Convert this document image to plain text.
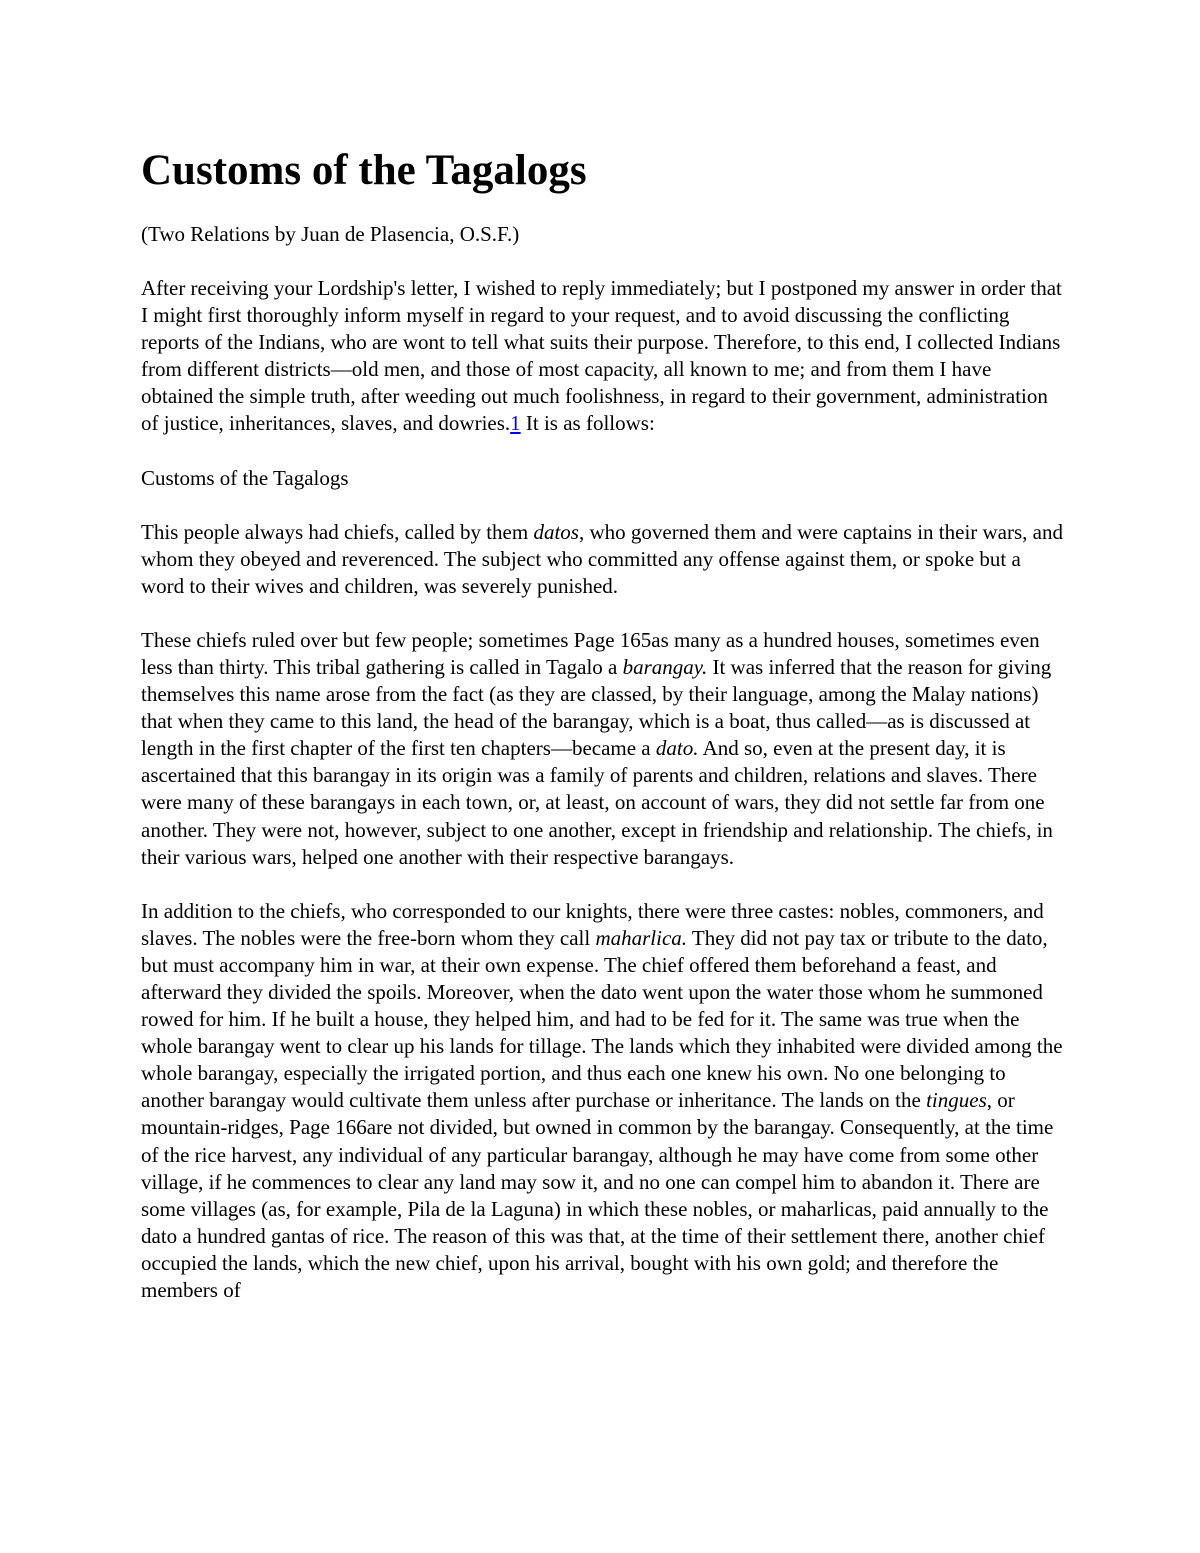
Customs of the Tagalogs

(Two Relations by Juan de Plasencia, O.S.F.)

After receiving your Lordship's letter, I wished to reply immediately; but I postponed my answer in order that I might first thoroughly inform myself in regard to your request, and to avoid discussing the conflicting reports of the Indians, who are wont to tell what suits their purpose. Therefore, to this end, I collected Indians from different districts—old men, and those of most capacity, all known to me; and from them I have obtained the simple truth, after weeding out much foolishness, in regard to their government, administration of justice, inheritances, slaves, and dowries.1 It is as follows:

Customs of the Tagalogs

This people always had chiefs, called by them datos, who governed them and were captains in their wars, and whom they obeyed and reverenced. The subject who committed any offense against them, or spoke but a word to their wives and children, was severely punished.

These chiefs ruled over but few people; sometimes Page 165as many as a hundred houses, sometimes even less than thirty. This tribal gathering is called in Tagalo a barangay. It was inferred that the reason for giving themselves this name arose from the fact (as they are classed, by their language, among the Malay nations) that when they came to this land, the head of the barangay, which is a boat, thus called—as is discussed at length in the first chapter of the first ten chapters—became a dato. And so, even at the present day, it is ascertained that this barangay in its origin was a family of parents and children, relations and slaves. There were many of these barangays in each town, or, at least, on account of wars, they did not settle far from one another. They were not, however, subject to one another, except in friendship and relationship. The chiefs, in their various wars, helped one another with their respective barangays.

In addition to the chiefs, who corresponded to our knights, there were three castes: nobles, commoners, and slaves. The nobles were the free-born whom they call maharlica. They did not pay tax or tribute to the dato, but must accompany him in war, at their own expense. The chief offered them beforehand a feast, and afterward they divided the spoils. Moreover, when the dato went upon the water those whom he summoned rowed for him. If he built a house, they helped him, and had to be fed for it. The same was true when the whole barangay went to clear up his lands for tillage. The lands which they inhabited were divided among the whole barangay, especially the irrigated portion, and thus each one knew his own. No one belonging to another barangay would cultivate them unless after purchase or inheritance. The lands on the tingues, or mountain-ridges, Page 166are not divided, but owned in common by the barangay. Consequently, at the time of the rice harvest, any individual of any particular barangay, although he may have come from some other village, if he commences to clear any land may sow it, and no one can compel him to abandon it. There are some villages (as, for example, Pila de la Laguna) in which these nobles, or maharlicas, paid annually to the dato a hundred gantas of rice. The reason of this was that, at the time of their settlement there, another chief occupied the lands, which the new chief, upon his arrival, bought with his own gold; and therefore the members of
